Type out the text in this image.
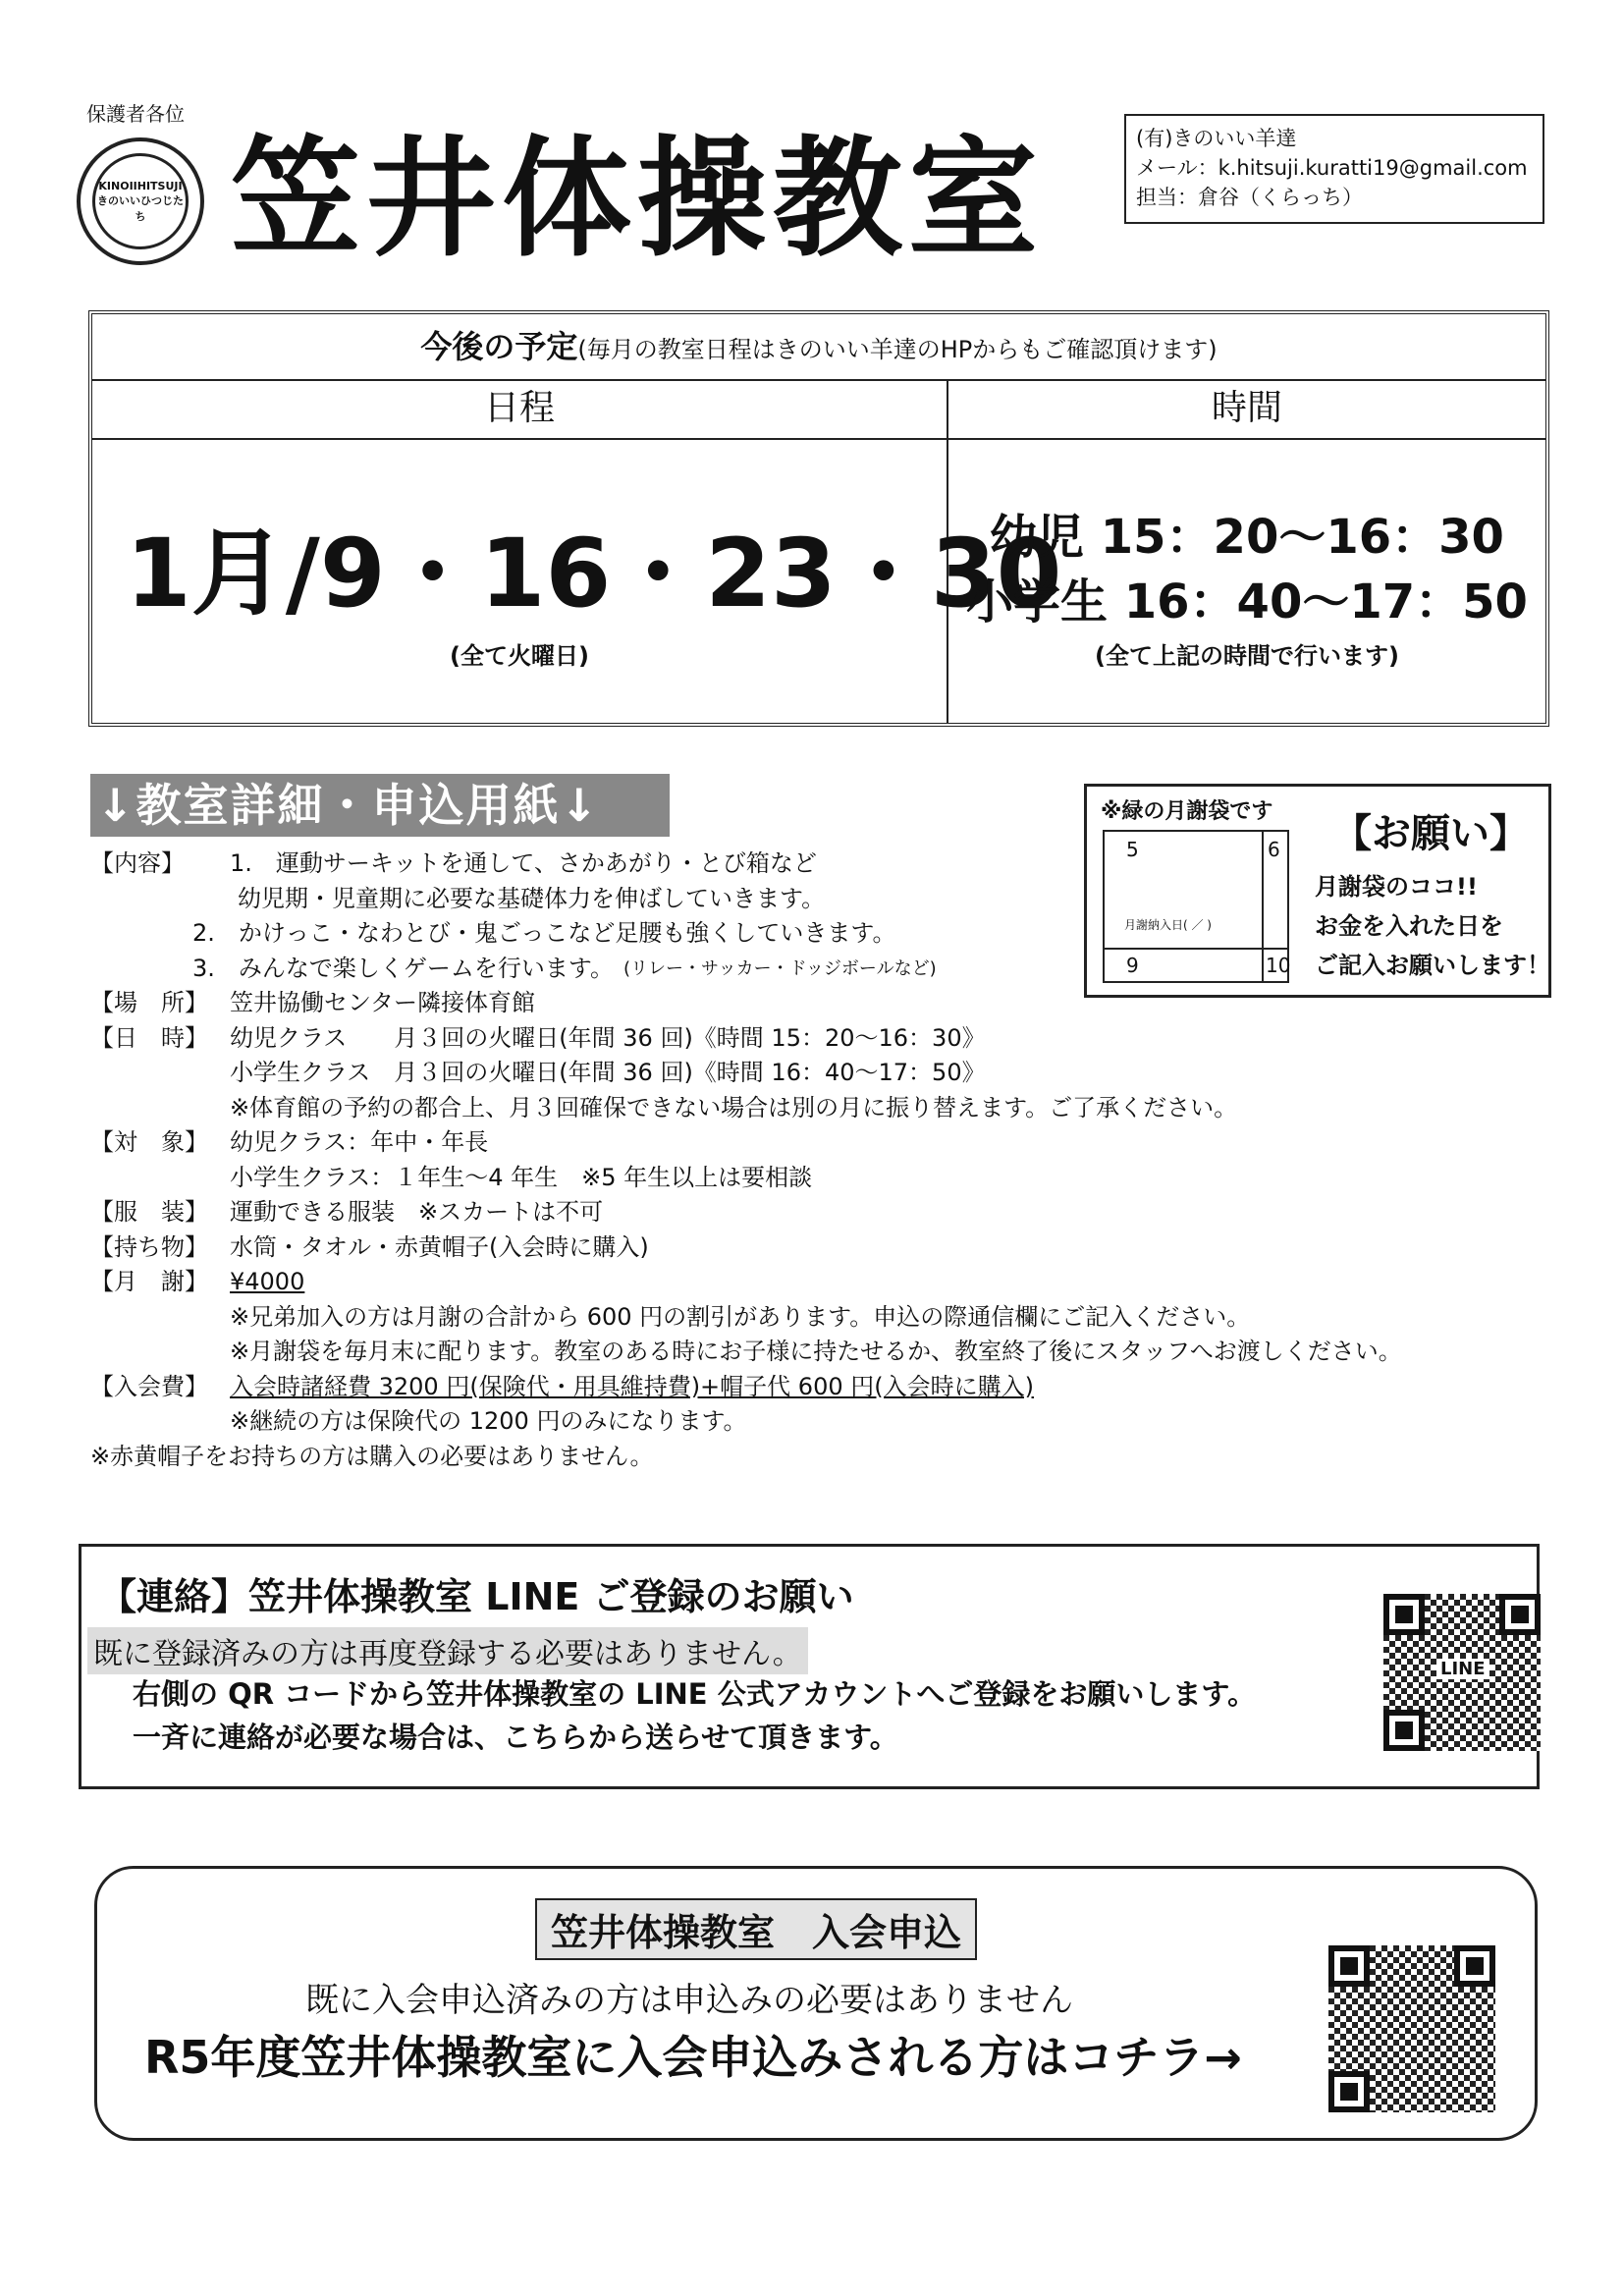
保護者各位
KINOIIHITSUJI きのいいひつじたち 笠井体操教室	(有)きのいい羊達
メール：k.hitsuji.kuratti19@gmail.com
担当：倉谷（くらっち）
今後の予定(毎月の教室日程はきのいい羊達のHPからもご確認頂けます)
日程	時間
1月/9・16・23・30
(全て火曜日)
幼児 15：20〜16：30
小学生 16：40〜17：50
(全て上記の時間で行います)
↓教室詳細・申込用紙↓
【内容】	1.　運動サーキットを通して、さかあがり・とび箱など
幼児期・児童期に必要な基礎体力を伸ばしていきます。
2.　かけっこ・なわとび・鬼ごっこなど足腰も強くしていきます。
3.　みんなで楽しくゲームを行います。 (リレー・サッカー・ドッジボールなど)
【場　所】 笠井協働センター隣接体育館
【日　時】 幼児クラス　　月３回の火曜日(年間 36 回)《時間 15：20〜16：30》
小学生クラス　月３回の火曜日(年間 36 回)《時間 16：40〜17：50》
※体育館の予約の都合上、月３回確保できない場合は別の月に振り替えます。ご了承ください。
【対　象】 幼児クラス：年中・年長
小学生クラス：１年生〜4 年生　※5 年生以上は要相談
【服　装】 運動できる服装　※スカートは不可
【持ち物】 水筒・タオル・赤黄帽子(入会時に購入)
【月　謝】 ¥4000
※兄弟加入の方は月謝の合計から 600 円の割引があります。申込の際通信欄にご記入ください。
※月謝袋を毎月末に配ります。教室のある時にお子様に持たせるか、教室終了後にスタッフへお渡しください。
【入会費】 入会時諸経費 3200 円(保険代・用具維持費)+帽子代 600 円(入会時に購入)
※継続の方は保険代の 1200 円のみになります。
※赤黄帽子をお持ちの方は購入の必要はありません。
※緑の月謝袋です
5	6
9	10
月謝納入日( ／ )
【お願い】
月謝袋のココ!!
お金を入れた日を
ご記入お願いします！
【連絡】笠井体操教室 LINE ご登録のお願い
既に登録済みの方は再度登録する必要はありません。
右側の QR コードから笠井体操教室の LINE 公式アカウントへご登録をお願いします。
一斉に連絡が必要な場合は、こちらから送らせて頂きます。
LINE
笠井体操教室　入会申込
既に入会申込済みの方は申込みの必要はありません
R5年度笠井体操教室に入会申込みされる方はコチラ→
